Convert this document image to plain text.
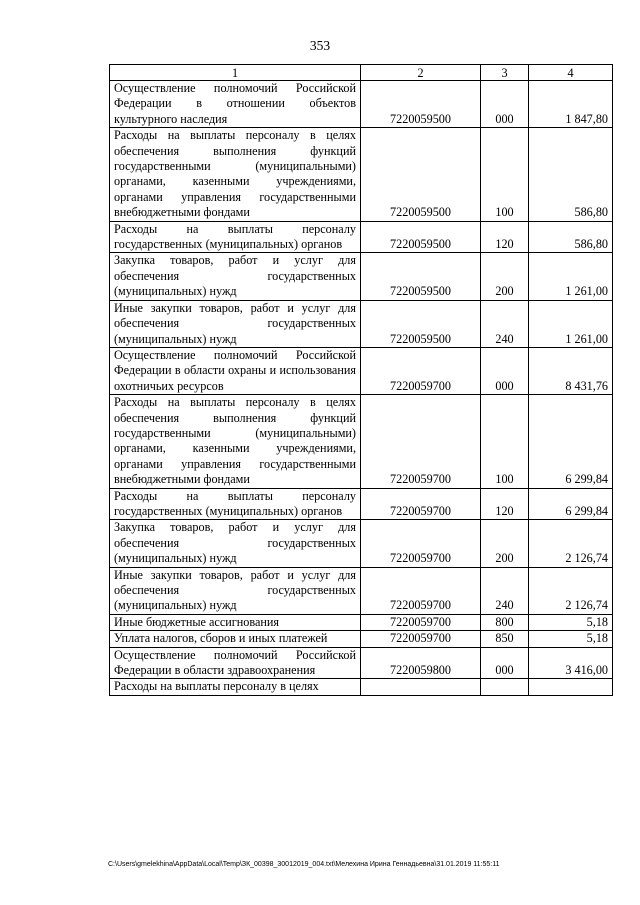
353
1	2	3	4
Осуществление полномочий Российской Федерации в отношении объектов культурного наследия	7220059500	000	1 847,80
Расходы на выплаты персоналу в целях обеспечения выполнения функций государственными (муниципальными) органами, казенными учреждениями, органами управления государственными внебюджетными фондами	7220059500	100	586,80
Расходы на выплаты персоналу государственных (муниципальных) органов	7220059500	120	586,80
Закупка товаров, работ и услуг для обеспечения государственных (муниципальных) нужд	7220059500	200	1 261,00
Иные закупки товаров, работ и услуг для обеспечения государственных (муниципальных) нужд	7220059500	240	1 261,00
Осуществление полномочий Российской Федерации в области охраны и использования охотничьих ресурсов	7220059700	000	8 431,76
Расходы на выплаты персоналу в целях обеспечения выполнения функций государственными (муниципальными) органами, казенными учреждениями, органами управления государственными внебюджетными фондами	7220059700	100	6 299,84
Расходы на выплаты персоналу государственных (муниципальных) органов	7220059700	120	6 299,84
Закупка товаров, работ и услуг для обеспечения государственных (муниципальных) нужд	7220059700	200	2 126,74
Иные закупки товаров, работ и услуг для обеспечения государственных (муниципальных) нужд	7220059700	240	2 126,74
Иные бюджетные ассигнования	7220059700	800	5,18
Уплата налогов, сборов и иных платежей	7220059700	850	5,18
Осуществление полномочий Российской Федерации в области здравоохранения	7220059800	000	3 416,00
Расходы на выплаты персоналу в целях			
C:\Users\gmelekhina\AppData\Local\Temp\ЗК_00398_30012019_004.txt\Мелехина Ирина Геннадьевна\31.01.2019 11:55:11
